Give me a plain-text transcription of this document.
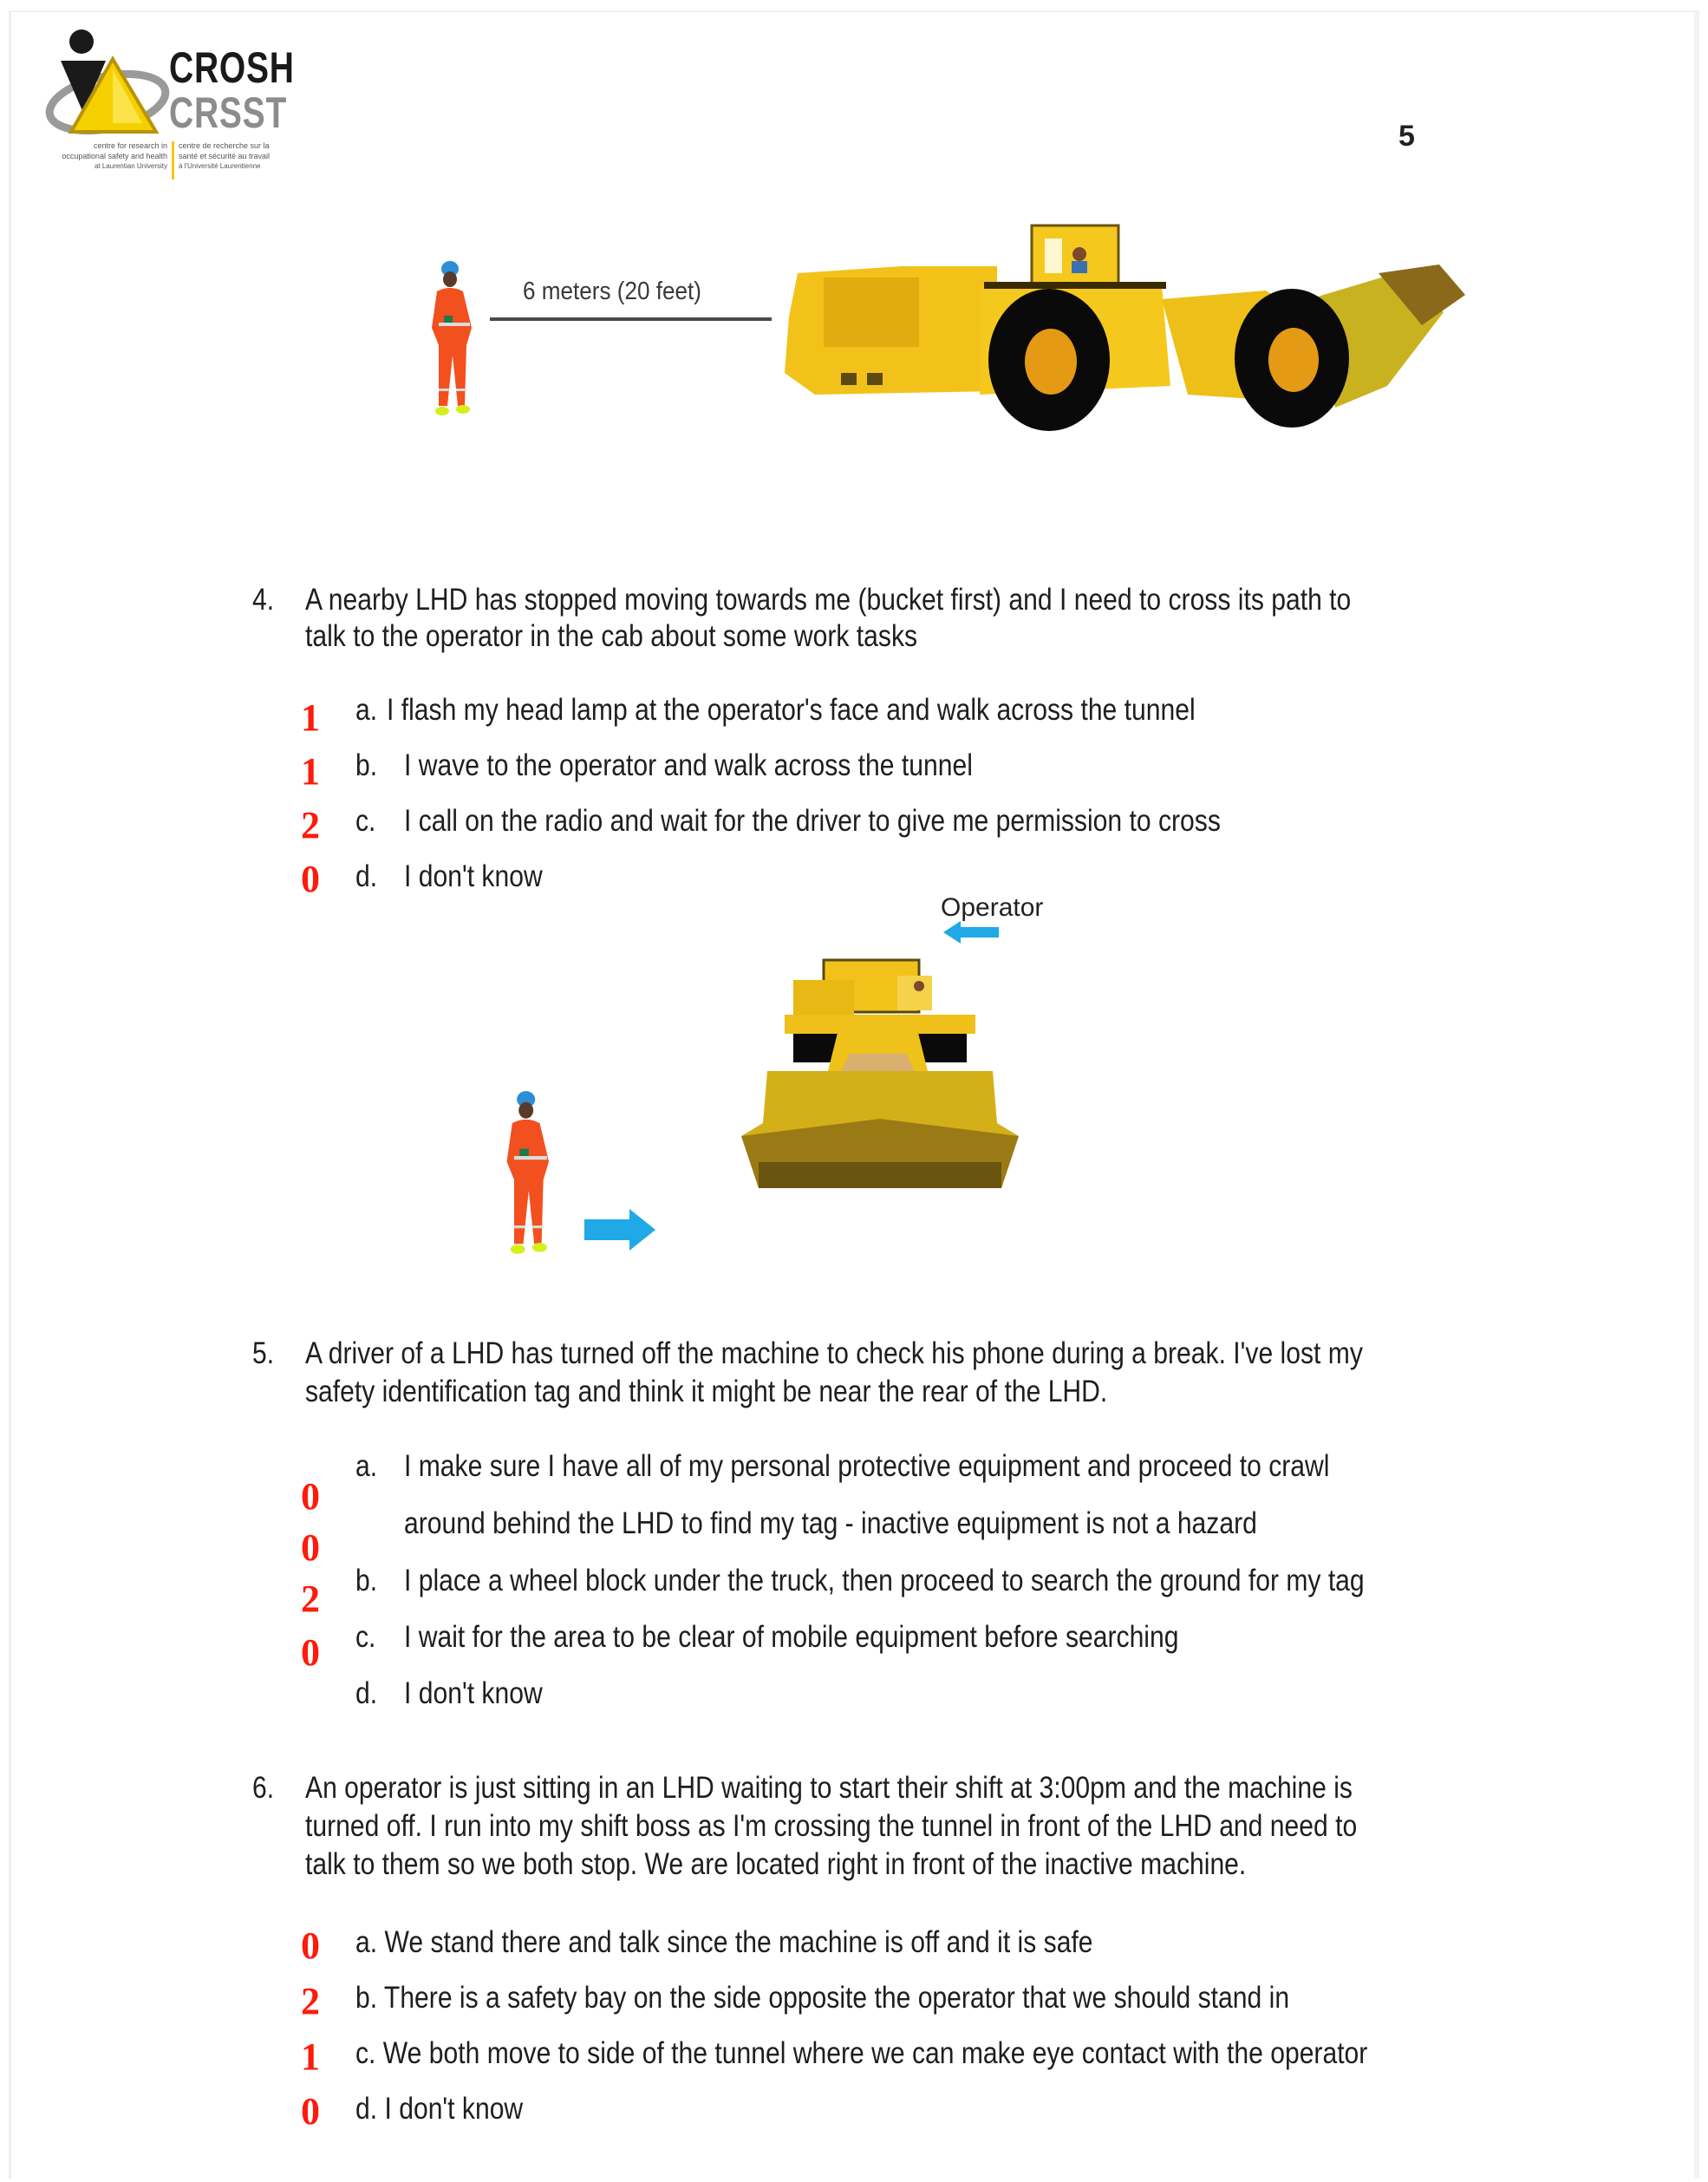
CROSH
CRSST
centre for research in
occupational safety and health
at Laurentian University
centre de recherche sur la
santé et sécurité au travail
à l'Université Laurentienne
5
6 meters (20 feet)
4. A nearby LHD has stopped moving towards me (bucket first) and I need to cross its path to
talk to the operator in the cab about some work tasks
1 a. I flash my head lamp at the operator's face and walk across the tunnel
1 b. I wave to the operator and walk across the tunnel
2 c. I call on the radio and wait for the driver to give me permission to cross
0 d. I don't know
Operator
5. A driver of a LHD has turned off the machine to check his phone during a break. I've lost my
safety identification tag and think it might be near the rear of the LHD.
0
0
2
0
a. I make sure I have all of my personal protective equipment and proceed to crawl
around behind the LHD to find my tag - inactive equipment is not a hazard
b. I place a wheel block under the truck, then proceed to search the ground for my tag
c. I wait for the area to be clear of mobile equipment before searching
d. I don't know
6. An operator is just sitting in an LHD waiting to start their shift at 3:00pm and the machine is
turned off. I run into my shift boss as I'm crossing the tunnel in front of the LHD and need to
talk to them so we both stop. We are located right in front of the inactive machine.
0 a. We stand there and talk since the machine is off and it is safe
2 b. There is a safety bay on the side opposite the operator that we should stand in
1 c. We both move to side of the tunnel where we can make eye contact with the operator
0 d. I don't know
